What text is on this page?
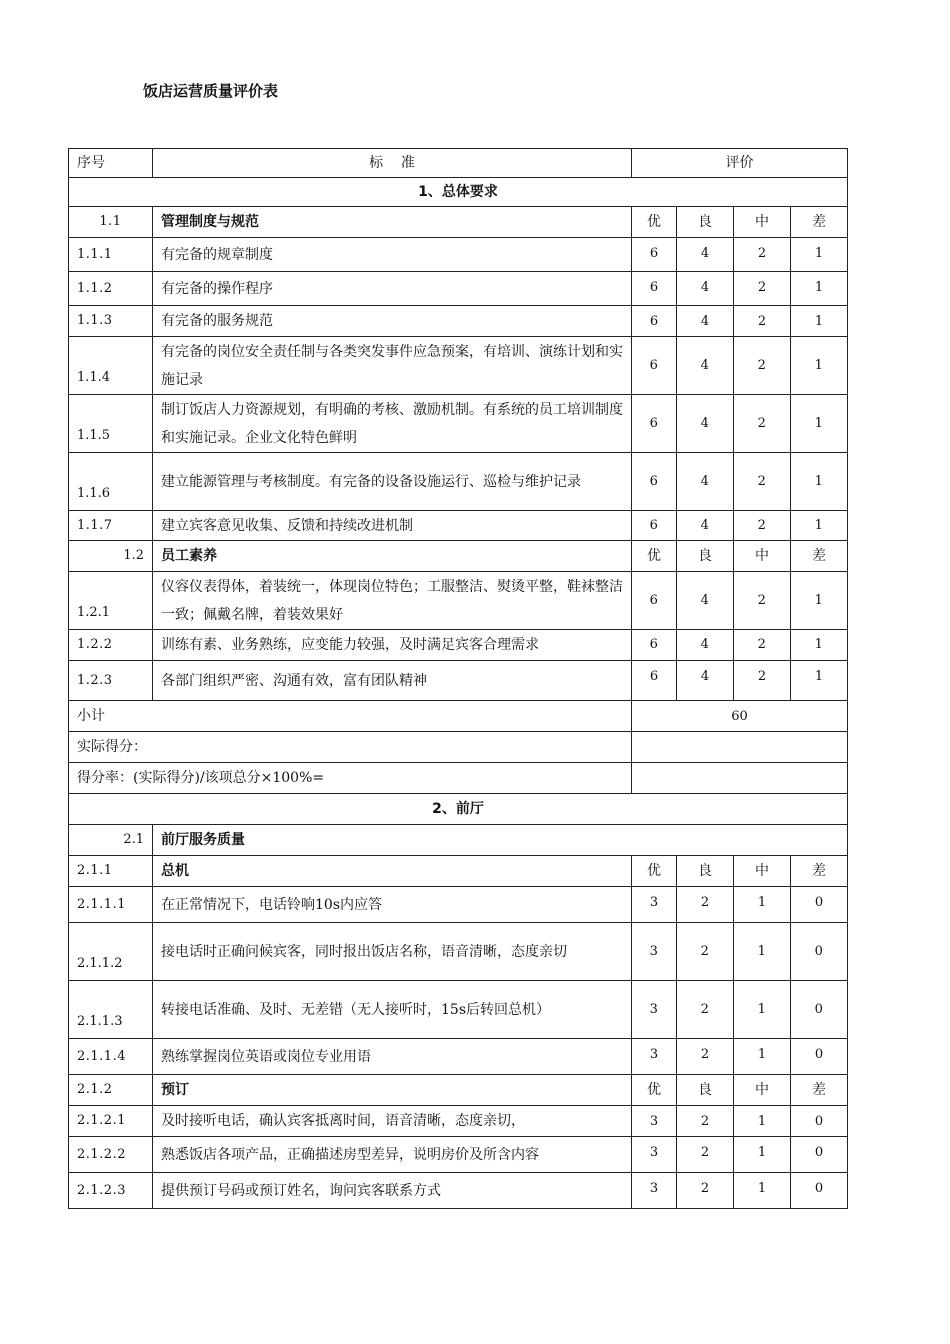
饭店运营质量评价表
序号	标    准	评价			
1、总体要求					
1.1	管理制度与规范	优	良	中	差
1.1.1	有完备的规章制度	6	4	2	1
1.1.2	有完备的操作程序	6	4	2	1
1.1.3	有完备的服务规范	6	4	2	1
1.1.4	有完备的岗位安全责任制与各类突发事件应急预案，有培训、演练计划和实施记录	6	4	2	1
1.1.5	制订饭店人力资源规划，有明确的考核、激励机制。有系统的员工培训制度和实施记录。企业文化特色鲜明	6	4	2	1
1.1.6	建立能源管理与考核制度。有完备的设备设施运行、巡检与维护记录	6	4	2	1
1.1.7	建立宾客意见收集、反馈和持续改进机制	6	4	2	1
1.2	员工素养	优	良	中	差
1.2.1	仪容仪表得体，着装统一，体现岗位特色；工服整洁、熨烫平整，鞋袜整洁一致；佩戴名牌，着装效果好	6	4	2	1
1.2.2	训练有素、业务熟练，应变能力较强，及时满足宾客合理需求	6	4	2	1
1.2.3	各部门组织严密、沟通有效，富有团队精神	6	4	2	1
小计		60			
实际得分：					
得分率：(实际得分)/该项总分×100%=					
2、前厅					
2.1	前厅服务质量				
2.1.1	总机	优	良	中	差
2.1.1.1	在正常情况下，电话铃响10s内应答	3	2	1	0
2.1.1.2	接电话时正确问候宾客，同时报出饭店名称，语音清晰，态度亲切	3	2	1	0
2.1.1.3	转接电话准确、及时、无差错（无人接听时，15s后转回总机）	3	2	1	0
2.1.1.4	熟练掌握岗位英语或岗位专业用语	3	2	1	0
2.1.2	预订	优	良	中	差
2.1.2.1	及时接听电话，确认宾客抵离时间，语音清晰，态度亲切，	3	2	1	0
2.1.2.2	熟悉饭店各项产品，正确描述房型差异，说明房价及所含内容	3	2	1	0
2.1.2.3	提供预订号码或预订姓名，询问宾客联系方式	3	2	1	0
